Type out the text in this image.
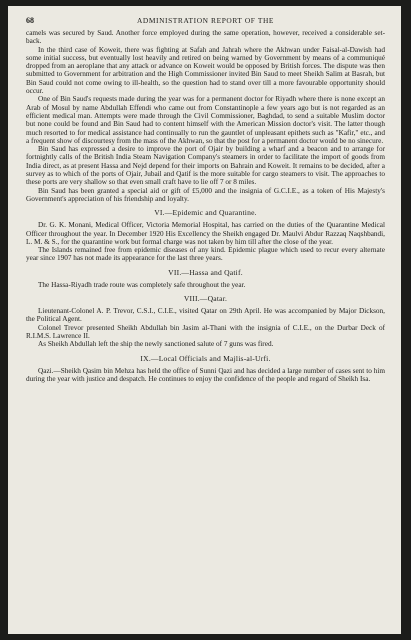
68	ADMINISTRATION REPORT OF THE

camels was secured by Saud. Another force employed during the same operation, however, received a considerable set-back.

In the third case of Koweit, there was fighting at Safah and Jahrah where the Akhwan under Faisal-al-Dawish had some initial success, but eventually lost heavily and retired on being warned by Government by means of a communiqué dropped from an aeroplane that any attack or advance on Koweit would be opposed by British forces. The dispute was then submitted to Government for arbitration and the High Commissioner invited Bin Saud to meet Sheikh Salim at Basrah, but Bin Saud could not come owing to ill-health, so the question had to stand over till a more favourable opportunity should occur.

One of Bin Saud's requests made during the year was for a permanent doctor for Riyadh where there is none except an Arab of Mosul by name Abdullah Effendi who came out from Constantinople a few years ago but is not regarded as an efficient medical man. Attempts were made through the Civil Commissioner, Baghdad, to send a suitable Muslim doctor but none could be found and Bin Saud had to content himself with the American Mission doctor's visit. The latter though much resorted to for medical assistance had continually to run the gauntlet of unpleasant epithets such as "Kafir," etc., and a frequent show of discourtesy from the mass of the Akhwan, so that the post for a permanent doctor would be no sinecure.

Bin Saud has expressed a desire to improve the port of Ojair by building a wharf and a beacon and to arrange for fortnightly calls of the British India Steam Navigation Company's steamers in order to facilitate the import of goods from India direct, as at present Hassa and Nejd depend for their imports on Bahrain and Koweit. It remains to be decided, after a survey as to which of the ports of Ojair, Jubail and Qatif is the more suitable for cargo steamers to visit. The approaches to these ports are very shallow so that even small craft have to lie off 7 or 8 miles.

Bin Saud has been granted a special aid or gift of £5,000 and the insignia of G.C.I.E., as a token of His Majesty's Government's appreciation of his friendship and loyalty.

VI.—Epidemic and Quarantine.

Dr. G. K. Monani, Medical Officer, Victoria Memorial Hospital, has carried on the duties of the Quarantine Medical Officer throughout the year. In December 1920 His Excellency the Sheikh engaged Dr. Maulvi Abdur Razzaq Naqshbandi, L. M. & S., for the quarantine work but formal charge was not taken by him till after the close of the year.

The Islands remained free from epidemic diseases of any kind. Epidemic plague which used to recur every alternate year since 1907 has not made its appearance for the last three years.

VII.—Hassa and Qatif.

The Hassa-Riyadh trade route was completely safe throughout the year.

VIII.—Qatar.

Lieutenant-Colonel A. P. Trevor, C.S.I., C.I.E., visited Qatar on 29th April. He was accompanied by Major Dickson, the Political Agent.

Colonel Trevor presented Sheikh Abdullah bin Jasim al-Thani with the insignia of C.I.E., on the Durbar Deck of R.I.M.S. Lawrence II.

As Sheikh Abdullah left the ship the newly sanctioned salute of 7 guns was fired.

IX.—Local Officials and Majlis-al-Urfi.

Qazi.—Sheikh Qasim bin Mehza has held the office of Sunni Qazi and has decided a large number of cases sent to him during the year with justice and despatch. He continues to enjoy the confidence of the people and regard of Sheikh Isa.
